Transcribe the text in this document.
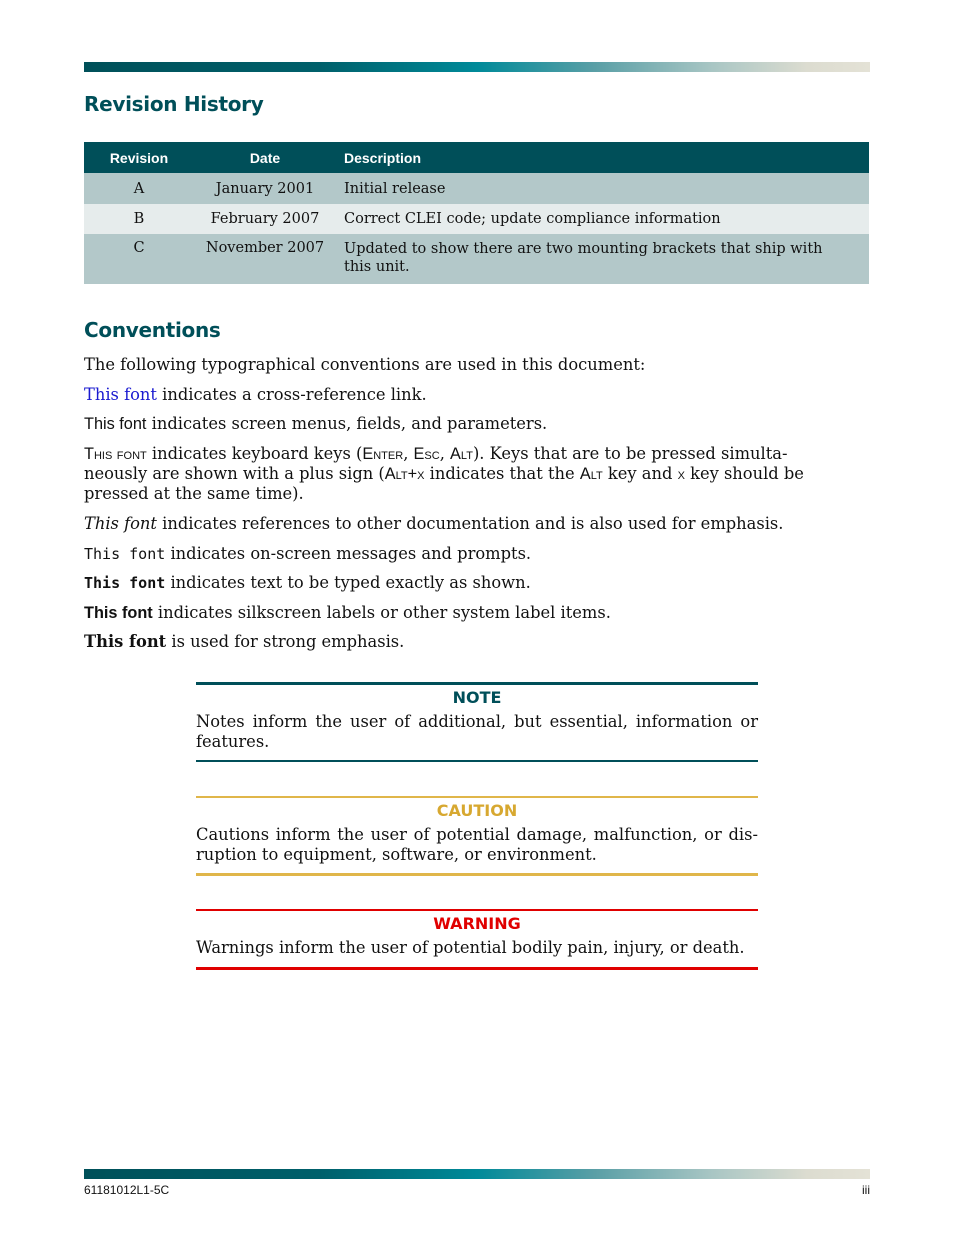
Revision History
Revision	Date	Description
A	January 2001	Initial release
B	February 2007	Correct CLEI code; update compliance information
C	November 2007	Updated to show there are two mounting brackets that ship with this unit.
Conventions

The following typographical conventions are used in this document:

This font indicates a cross-reference link.

This font indicates screen menus, fields, and parameters.

This font indicates keyboard keys (Enter, Esc, Alt). Keys that are to be pressed simulta-neously are shown with a plus sign (Alt+x indicates that the Alt key and x key should be pressed at the same time).

This font indicates references to other documentation and is also used for emphasis.

This font indicates on-screen messages and prompts.

This font indicates text to be typed exactly as shown.

This font indicates silkscreen labels or other system label items.

This font is used for strong emphasis.

NOTE
Notes inform the user of additional, but essential, information or features.
CAUTION
Cautions inform the user of potential damage, malfunction, or dis-ruption to equipment, software, or environment.
WARNING
Warnings inform the user of potential bodily pain, injury, or death.
61181012L1-5C	iii
